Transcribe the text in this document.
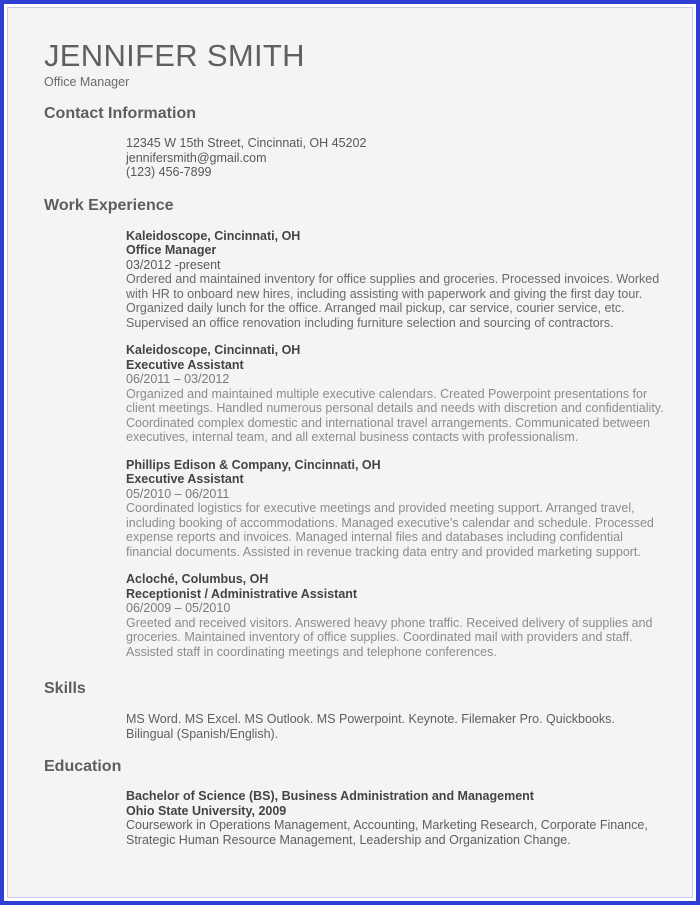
JENNIFER SMITH
Office Manager
Contact Information
12345 W 15th Street, Cincinnati, OH 45202
jennifersmith@gmail.com
(123) 456-7899
Work Experience
Kaleidoscope, Cincinnati, OH
Office Manager
03/2012 -present
Ordered and maintained inventory for office supplies and groceries. Processed invoices. Worked with HR to onboard new hires, including assisting with paperwork and giving the first day tour. Organized daily lunch for the office. Arranged mail pickup, car service, courier service, etc. Supervised an office renovation including furniture selection and sourcing of contractors.
Kaleidoscope, Cincinnati, OH
Executive Assistant
06/2011 – 03/2012
Organized and maintained multiple executive calendars. Created Powerpoint presentations for client meetings. Handled numerous personal details and needs with discretion and confidentiality. Coordinated complex domestic and international travel arrangements. Communicated between executives, internal team, and all external business contacts with professionalism.
Phillips Edison & Company, Cincinnati, OH
Executive Assistant
05/2010 – 06/2011
Coordinated logistics for executive meetings and provided meeting support. Arranged travel, including booking of accommodations. Managed executive’s calendar and schedule. Processed expense reports and invoices. Managed internal files and databases including confidential financial documents. Assisted in revenue tracking data entry and provided marketing support.
Acloché, Columbus, OH
Receptionist / Administrative Assistant
06/2009 – 05/2010
Greeted and received visitors. Answered heavy phone traffic. Received delivery of supplies and groceries. Maintained inventory of office supplies. Coordinated mail with providers and staff. Assisted staff in coordinating meetings and telephone conferences.
Skills
MS Word. MS Excel. MS Outlook. MS Powerpoint. Keynote. Filemaker Pro. Quickbooks. Bilingual (Spanish/English).
Education
Bachelor of Science (BS), Business Administration and Management
Ohio State University, 2009
Coursework in Operations Management, Accounting, Marketing Research, Corporate Finance, Strategic Human Resource Management, Leadership and Organization Change.
